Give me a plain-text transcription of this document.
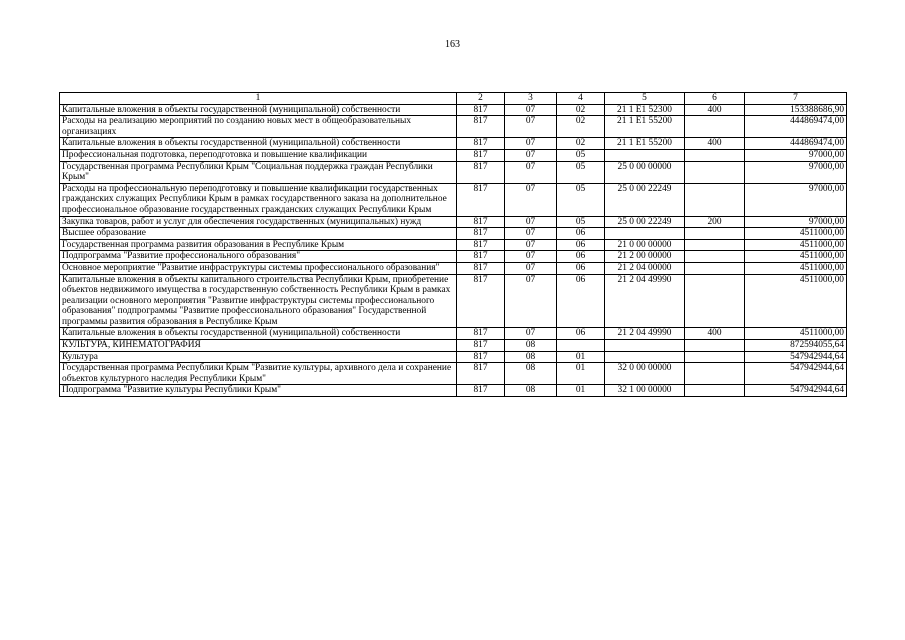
163
1	2	3	4	5	6	7
Капитальные вложения в объекты государственной (муниципальной) собственности	817	07	02	21 1 E1 52300	400	153388686,90
Расходы на реализацию мероприятий по созданию новых мест в общеобразовательных организациях	817	07	02	21 1 E1 55200		444869474,00
Капитальные вложения в объекты государственной (муниципальной) собственности	817	07	02	21 1 E1 55200	400	444869474,00
Профессиональная подготовка, переподготовка и повышение квалификации	817	07	05			97000,00
Государственная программа Республики Крым "Социальная поддержка граждан Республики Крым"	817	07	05	25 0 00 00000		97000,00
Расходы на профессиональную переподготовку и повышение квалификации государственных гражданских служащих Республики Крым в рамках государственного заказа на дополнительное профессиональное образование государственных гражданских служащих Республики Крым	817	07	05	25 0 00 22249		97000,00
Закупка товаров, работ и услуг для обеспечения государственных (муниципальных) нужд	817	07	05	25 0 00 22249	200	97000,00
Высшее образование	817	07	06			4511000,00
Государственная программа развития образования в Республике Крым	817	07	06	21 0 00 00000		4511000,00
Подпрограмма "Развитие профессионального образования"	817	07	06	21 2 00 00000		4511000,00
Основное мероприятие "Развитие инфраструктуры системы профессионального образования"	817	07	06	21 2 04 00000		4511000,00
Капитальные вложения в объекты капитального строительства Республики Крым, приобретение объектов недвижимого имущества в государственную собственность Республики Крым в рамках реализации основного мероприятия "Развитие инфраструктуры системы профессионального образования" подпрограммы "Развитие профессионального образования" Государственной программы развития образования в Республике Крым	817	07	06	21 2 04 49990		4511000,00
Капитальные вложения в объекты государственной (муниципальной) собственности	817	07	06	21 2 04 49990	400	4511000,00
КУЛЬТУРА, КИНЕМАТОГРАФИЯ	817	08				872594055,64
Культура	817	08	01			547942944,64
Государственная программа Республики Крым "Развитие культуры, архивного дела и сохранение объектов культурного наследия Республики Крым"	817	08	01	32 0 00 00000		547942944,64
Подпрограмма "Развитие культуры Республики Крым"	817	08	01	32 1 00 00000		547942944,64
